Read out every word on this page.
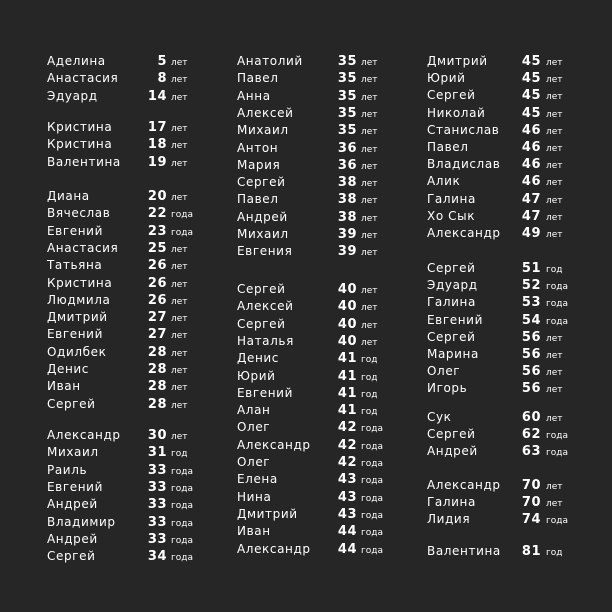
Аделина	5 лет
Анастасия	8 лет
Эдуард	14 лет
Кристина	17 лет
Кристина	18 лет
Валентина	19 лет
Диана	20 лет
Вячеслав	22 года
Евгений	23 года
Анастасия	25 лет
Татьяна	26 лет
Кристина	26 лет
Людмила	26 лет
Дмитрий	27 лет
Евгений	27 лет
Одилбек	28 лет
Денис	28 лет
Иван	28 лет
Сергей	28 лет
Александр	30 лет
Михаил	31 год
Раиль	33 года
Евгений	33 года
Андрей	33 года
Владимир	33 года
Андрей	33 года
Сергей	34 года
Анатолий	35 лет
Павел	35 лет
Анна	35 лет
Алексей	35 лет
Михаил	35 лет
Антон	36 лет
Мария	36 лет
Сергей	38 лет
Павел	38 лет
Андрей	38 лет
Михаил	39 лет
Евгения	39 лет
Сергей	40 лет
Алексей	40 лет
Сергей	40 лет
Наталья	40 лет
Денис	41 год
Юрий	41 год
Евгений	41 год
Алан	41 год
Олег	42 года
Александр	42 года
Олег	42 года
Елена	43 года
Нина	43 года
Дмитрий	43 года
Иван	44 года
Александр	44 года
Дмитрий	45 лет
Юрий	45 лет
Сергей	45 лет
Николай	45 лет
Станислав	46 лет
Павел	46 лет
Владислав	46 лет
Алик	46 лет
Галина	47 лет
Хо Сык	47 лет
Александр	49 лет
Сергей	51 год
Эдуард	52 года
Галина	53 года
Евгений	54 года
Сергей	56 лет
Марина	56 лет
Олег	56 лет
Игорь	56 лет
Сук	60 лет
Сергей	62 года
Андрей	63 года
Александр	70 лет
Галина	70 лет
Лидия	74 года
Валентина	81 год
